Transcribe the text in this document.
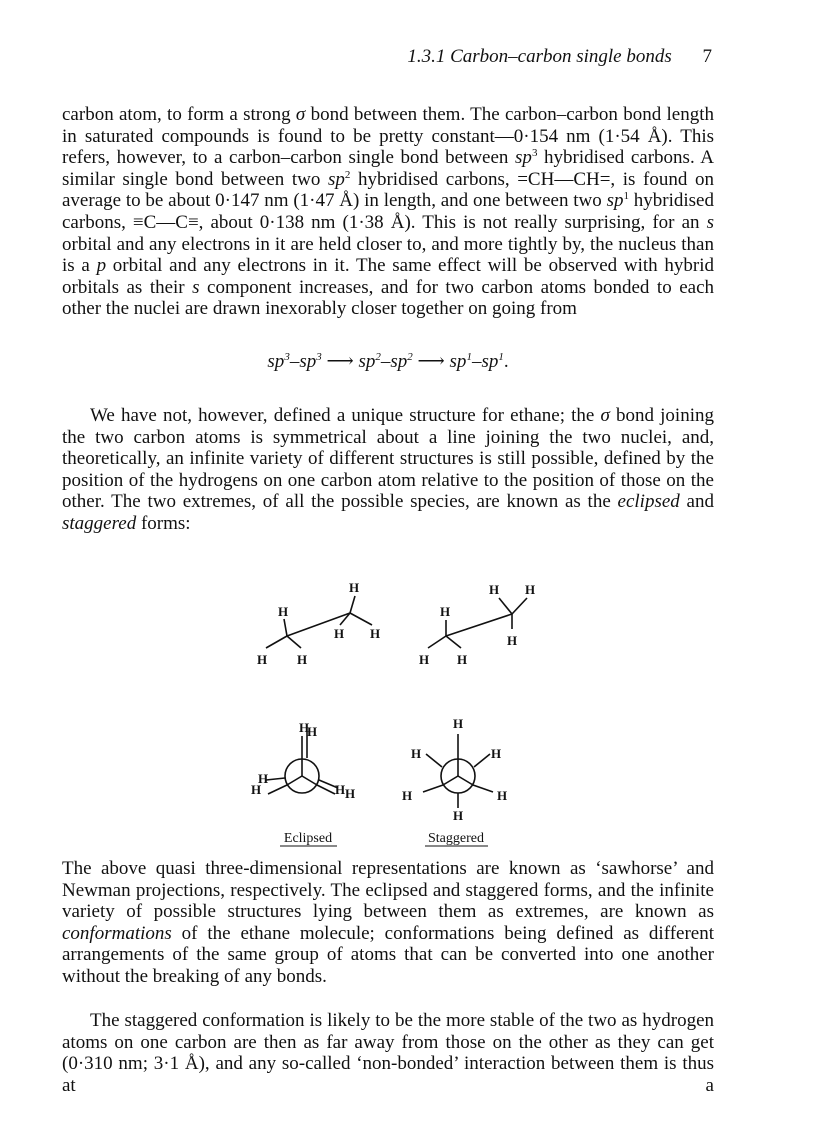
1.3.1 Carbon–carbon single bonds 7

carbon atom, to form a strong σ bond between them. The carbon–carbon bond length in saturated compounds is found to be pretty constant—0·154 nm (1·54 Å). This refers, however, to a carbon–carbon single bond between $sp^3$ hybridised carbons. A similar single bond between two $sp^2$ hybridised carbons, =CH—CH=, is found on average to be about 0·147 nm (1·47 Å) in length, and one between two $sp^1$ hybridised carbons, ≡C—C≡, about 0·138 nm (1·38 Å). This is not really surprising, for an s orbital and any electrons in it are held closer to, and more tightly by, the nucleus than is a p orbital and any electrons in it. The same effect will be observed with hybrid orbitals as their s component increases, and for two carbon atoms bonded to each other the nuclei are drawn inexorably closer together on going from

$sp^3-sp^3$ ⟶ $sp^2-sp^2$ ⟶ $sp^1-sp^1$.

We have not, however, defined a unique structure for ethane; the σ bond joining the two carbon atoms is symmetrical about a line joining the two nuclei, and, theoretically, an infinite variety of different structures is still possible, defined by the position of the hydrogens on one carbon atom relative to the position of those on the other. The two extremes, of all the possible species, are known as the eclipsed and staggered forms:

H
H
H H
H H
H H
H
H
H H
H
H
H
H	H H
H
H	H
H	H
H
Eclipsed	Staggered

The above quasi three-dimensional representations are known as ‘sawhorse’ and Newman projections, respectively. The eclipsed and staggered forms, and the infinite variety of possible structures lying between them as extremes, are known as conformations of the ethane molecule; conformations being defined as different arrangements of the same group of atoms that can be converted into one another without the breaking of any bonds.

The staggered conformation is likely to be the more stable of the two as hydrogen atoms on one carbon are then as far away from those on the other as they can get (0·310 nm; 3·1 Å), and any so-called ‘non-bonded’ interaction between them is thus at a
